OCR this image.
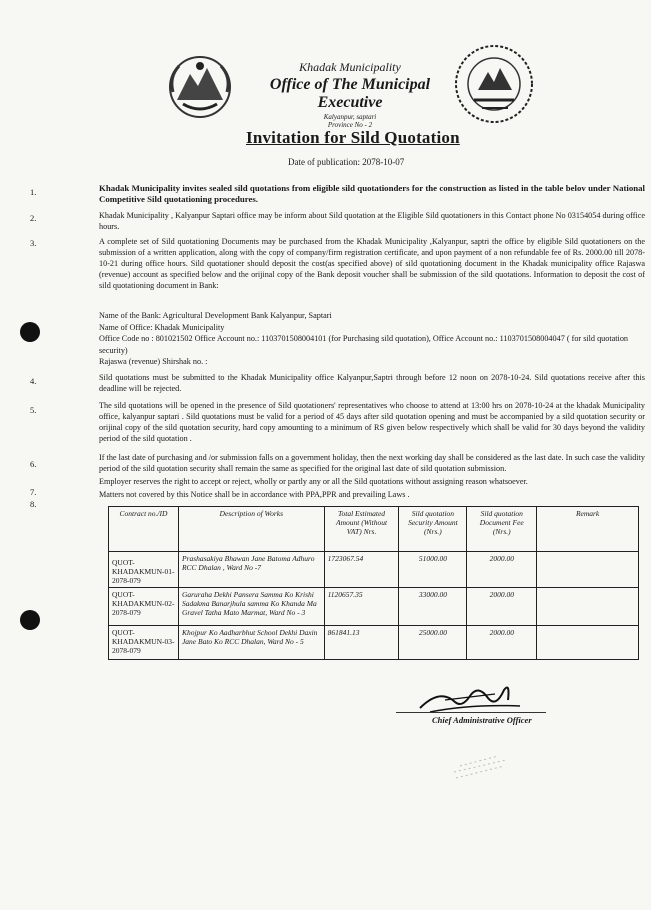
Khadak Municipality
Office of The Municipal Executive
Kalyanpur, saptari
Province No - 2
Invitation for Sild Quotation
Date of publication: 2078-10-07
1.	Khadak Municipality invites sealed sild quotations from eligible sild quotationders for the construction as listed in the table belov under National Competitive Sild quotationing procedures.
2.	Khadak Municipality , Kalyanpur Saptari office may be inform about Sild quotation at the Eligible Sild quotationers in this Contact phone No 03154054 during office hours.
3.	A complete set of Sild quotationing Documents may be purchased from the Khadak Municipality ,Kalyanpur, saptri the office by eligible Sild quotationers on the submission of a written application, along with the copy of company/firm registration certificate, and upon payment of a non refundable fee of Rs. 2000.00 till 2078-10-21 during office hours. Sild quotationer should deposit the cost(as specified above) of sild quotationing document in the Khadak municipality office Rajaswa (revenue) account as specified below and the orijinal copy of the Bank deposit voucher shall be submission of the sild quotations. Information to deposit the cost of sild quotationing document in Bank:
Name of the Bank: Agricultural Development Bank Kalyanpur, Saptari
Name of Office: Khadak Municipality
Office Code no : 801021502 Office Account no.: 1103701508004101 (for Purchasing sild quotation), Office Account no.: 1103701508004047 ( for sild quotation security)
Rajaswa (revenue) Shirshak no. :
4.	Sild quotations must be submitted to the Khadak Municipality office Kalyanpur,Saptri through before 12 noon on 2078-10-24. Sild quotations receive after this deadline will be rejected.
5.	The sild quotations will be opened in the presence of Sild quotationers' representatives who choose to attend at 13:00 hrs on 2078-10-24 at the khadak Municipality office, kalyanpur saptari . Sild quotations must be valid for a period of 45 days after sild quotation opening and must be accompanied by a sild quotation security or orijinal copy of the sild quotation security, hard copy amounting to a minimum of RS given below respectively which shall be valid for 30 days beyond the validity period of the sild quotation .
6.
If the last date of purchasing and /or submission falls on a government holiday, then the next working day shall be considered as the last date. In such case the validity period of the sild quotation security shall remain the same as specified for the original last date of sild quotation submission.
7.
Employer reserves the right to accept or reject, wholly or partly any or all the Sild quotations without assigning reason whatsoever.
8.
Matters not covered by this Notice shall be in accordance with PPA,PPR and prevailing Laws .
Contract no./ID	Description of Works	Total Estimated Amount (Without VAT) Nrs.	Sild quotation Security Amount (Nrs.)	Sild quotation Document Fee (Nrs.)	Remark
QUOT-KHADAKMUN-01-2078-079	Prashasakiya Bhawan Jane Batoma Adhuro RCC Dhalan , Ward No -7	1723067.54	51000.00	2000.00	
QUOT-KHADAKMUN-02-2078-079	Garuraha Dekhi Pansera Samma Ko Krishi Sadakma Banarjhula samma Ko Khanda Ma Gravel Tatha Mato Marmat, Ward No - 3	1120657.35	33000.00	2000.00	
QUOT-KHADAKMUN-03-2078-079	Khojpur Ko Aadharbhut School Dekhi Daxin Jane Bato Ko RCC Dhalan, Ward No - 5	861841.13	25000.00	2000.00	
Chief Administrative Officer
